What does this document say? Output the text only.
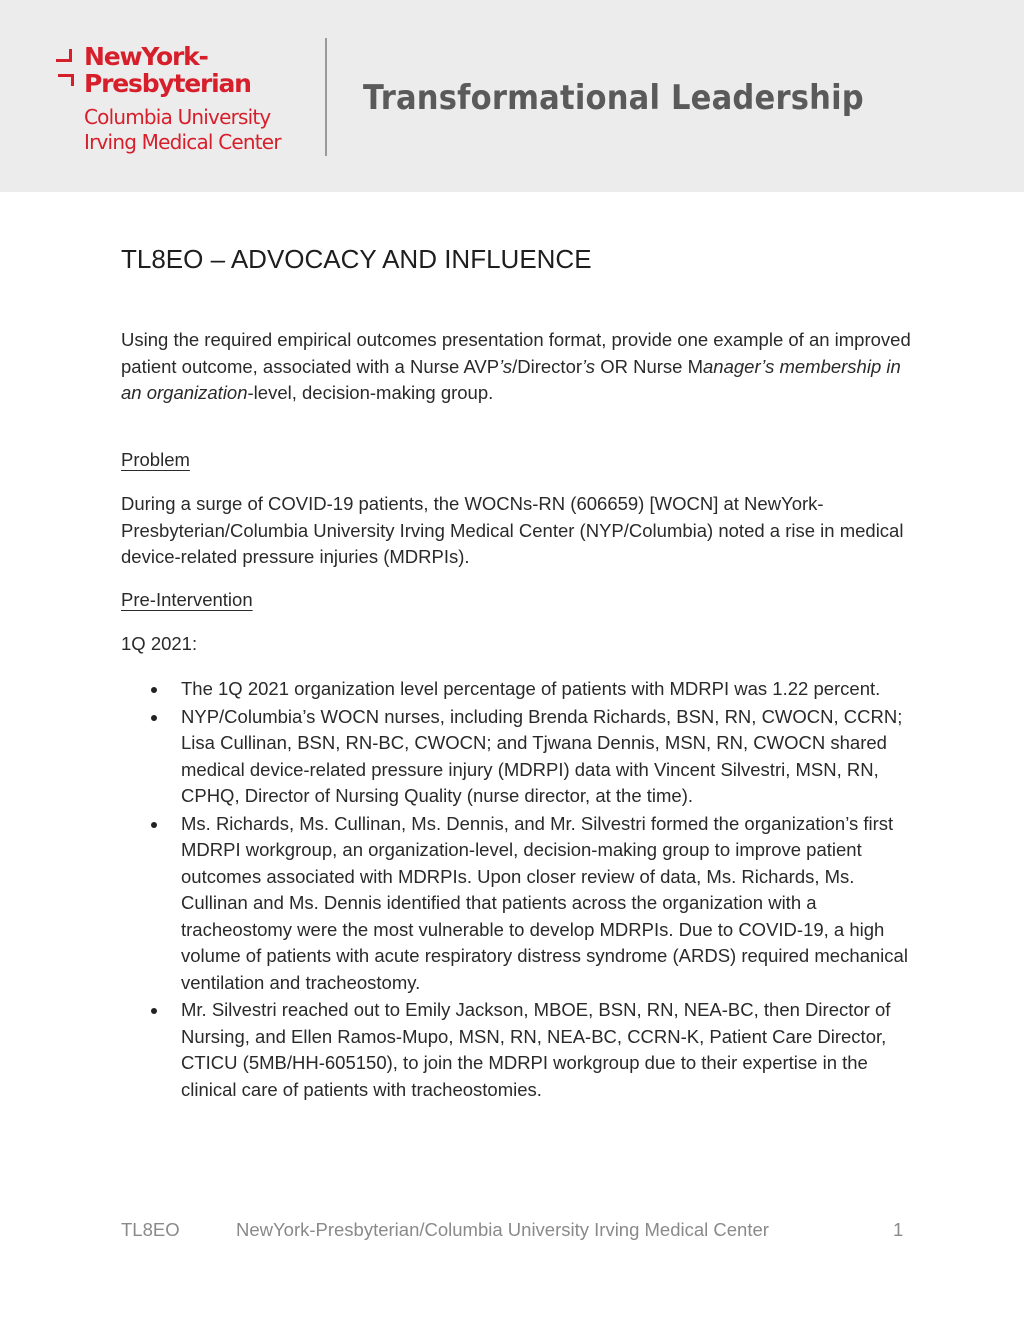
NewYork-
Presbyterian
Columbia University
Irving Medical Center
Transformational Leadership
TL8EO – ADVOCACY AND INFLUENCE
Using the required empirical outcomes presentation format, provide one example of an improved patient outcome, associated with a Nurse AVP’s/Director’s OR Nurse Manager’s membership in an organization-level, decision-making group.
Problem
During a surge of COVID-19 patients, the WOCNs-RN (606659) [WOCN] at NewYork-Presbyterian/Columbia University Irving Medical Center (NYP/Columbia) noted a rise in medical device-related pressure injuries (MDRPIs).
Pre-Intervention
1Q 2021:
The 1Q 2021 organization level percentage of patients with MDRPI was 1.22 percent.
NYP/Columbia’s WOCN nurses, including Brenda Richards, BSN, RN, CWOCN, CCRN; Lisa Cullinan, BSN, RN-BC, CWOCN; and Tjwana Dennis, MSN, RN, CWOCN shared medical device-related pressure injury (MDRPI) data with Vincent Silvestri, MSN, RN, CPHQ, Director of Nursing Quality (nurse director, at the time).
Ms. Richards, Ms. Cullinan, Ms. Dennis, and Mr. Silvestri formed the organization’s first MDRPI workgroup, an organization-level, decision-making group to improve patient outcomes associated with MDRPIs. Upon closer review of data, Ms. Richards, Ms. Cullinan and Ms. Dennis identified that patients across the organization with a tracheostomy were the most vulnerable to develop MDRPIs. Due to COVID-19, a high volume of patients with acute respiratory distress syndrome (ARDS) required mechanical ventilation and tracheostomy.
Mr. Silvestri reached out to Emily Jackson, MBOE, BSN, RN, NEA-BC, then Director of Nursing, and Ellen Ramos-Mupo, MSN, RN, NEA-BC, CCRN-K, Patient Care Director, CTICU (5MB/HH-605150), to join the MDRPI workgroup due to their expertise in the clinical care of patients with tracheostomies.
TL8EO	NewYork-Presbyterian/Columbia University Irving Medical Center	1
